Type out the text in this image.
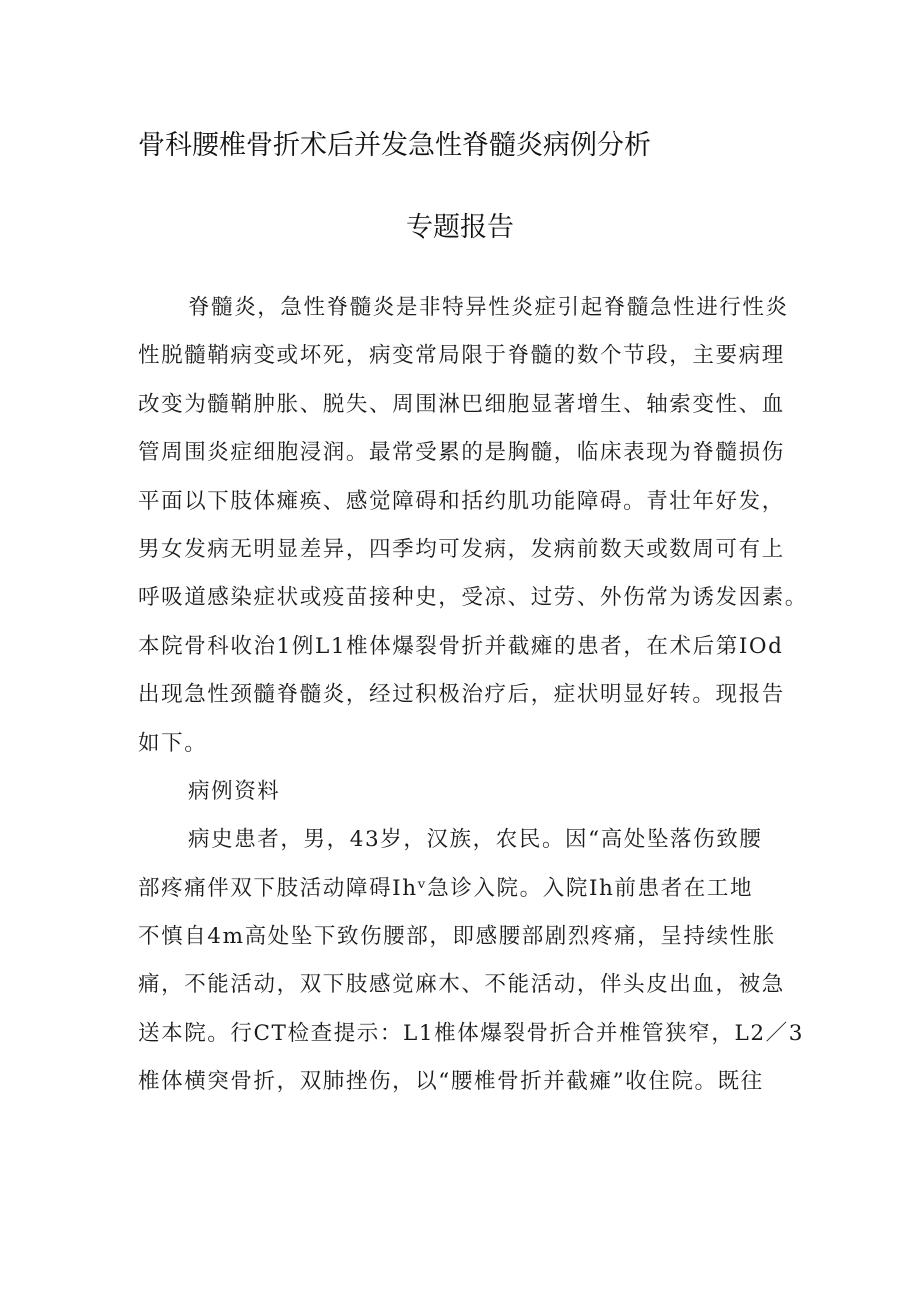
骨科腰椎骨折术后并发急性脊髓炎病例分析
专题报告
脊髓炎，急性脊髓炎是非特异性炎症引起脊髓急性进行性炎
性脱髓鞘病变或坏死，病变常局限于脊髓的数个节段，主要病理
改变为髓鞘肿胀、脱失、周围淋巴细胞显著增生、轴索变性、血
管周围炎症细胞浸润。最常受累的是胸髓，临床表现为脊髓损伤
平面以下肢体瘫痪、感觉障碍和括约肌功能障碍。青壮年好发，
男女发病无明显差异，四季均可发病，发病前数天或数周可有上
呼吸道感染症状或疫苗接种史，受凉、过劳、外伤常为诱发因素。
本院骨科收治1例L1椎体爆裂骨折并截瘫的患者，在术后第IOd
出现急性颈髓脊髓炎，经过积极治疗后，症状明显好转。现报告
如下。
病例资料
病史患者，男，43岁，汉族，农民。因“高处坠落伤致腰
部疼痛伴双下肢活动障碍Ihᵛ急诊入院。入院Ih前患者在工地
不慎自4m高处坠下致伤腰部，即感腰部剧烈疼痛，呈持续性胀
痛，不能活动，双下肢感觉麻木、不能活动，伴头皮出血，被急
送本院。行CT检查提示：L1椎体爆裂骨折合并椎管狭窄，L2／3
椎体横突骨折，双肺挫伤，以“腰椎骨折并截瘫”收住院。既往
